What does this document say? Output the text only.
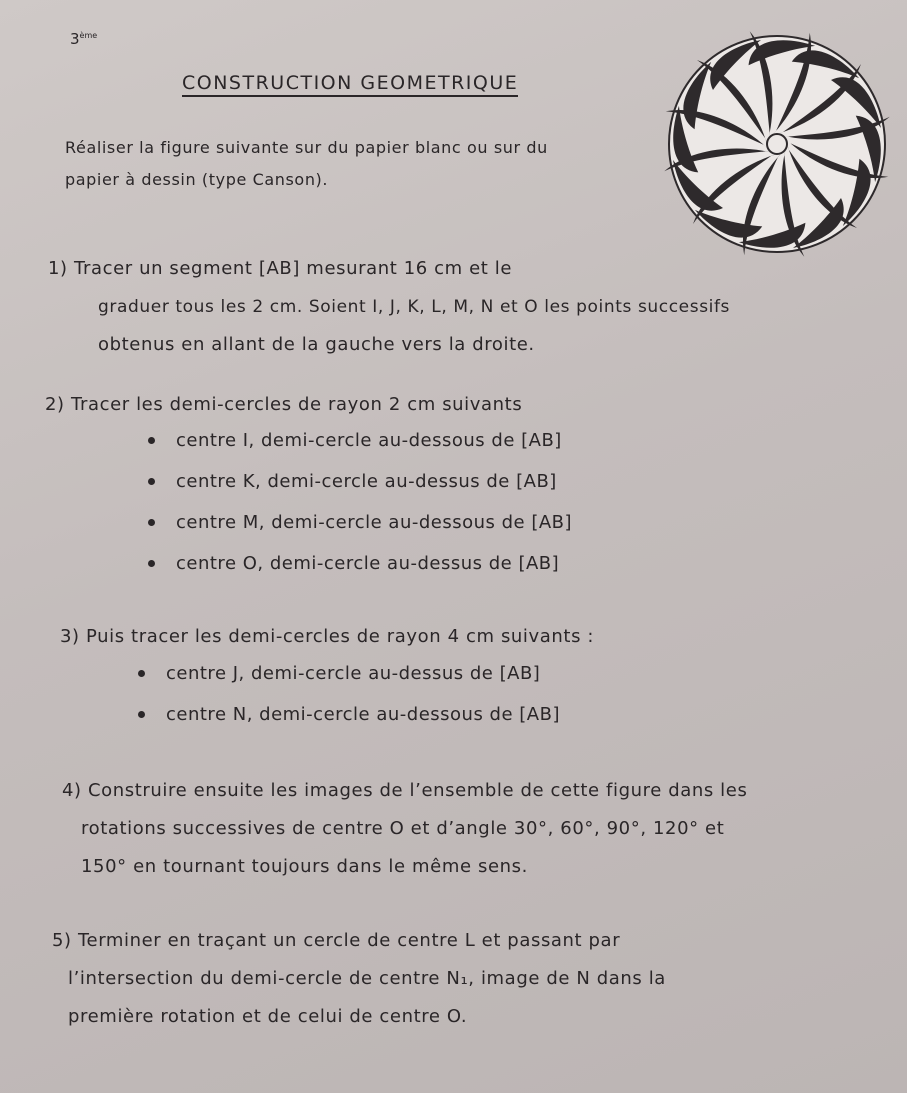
3ème
CONSTRUCTION GEOMETRIQUE
Réaliser la figure suivante sur du papier blanc ou sur du
papier à dessin (type Canson).
1) Tracer un segment [AB] mesurant 16 cm et le
graduer tous les 2 cm. Soient I, J, K, L, M, N et O les points successifs
obtenus en allant de la gauche vers la droite.
2) Tracer les demi-cercles de rayon 2 cm suivants
centre I, demi-cercle au-dessous de [AB]
centre K, demi-cercle au-dessus de [AB]
centre M, demi-cercle au-dessous de [AB]
centre O, demi-cercle au-dessus de [AB]
3) Puis tracer les demi-cercles de rayon 4 cm suivants :
centre J, demi-cercle au-dessus de [AB]
centre N, demi-cercle au-dessous de [AB]
4) Construire ensuite les images de l’ensemble de cette figure dans les
rotations successives de centre O et d’angle 30°, 60°, 90°, 120° et
150° en tournant toujours dans le même sens.
5) Terminer en traçant un cercle de centre L et passant par
l’intersection du demi-cercle de centre N₁, image de N dans la
première rotation et de celui de centre O.
